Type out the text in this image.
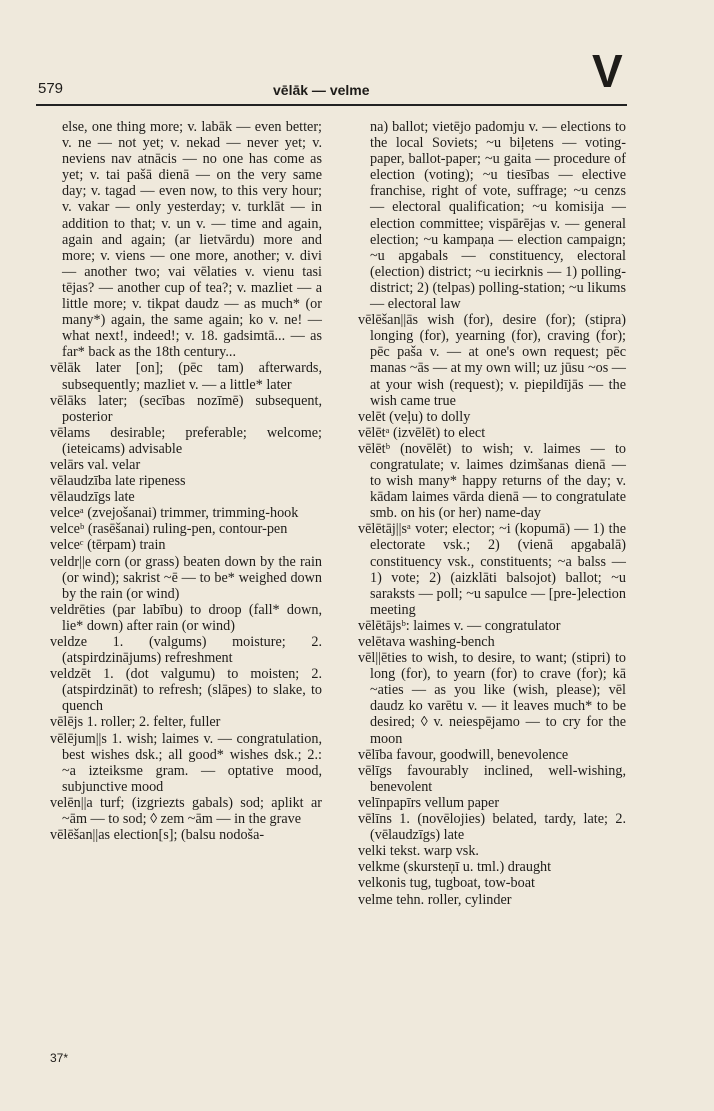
579	vēlāk — velme	V

else, one thing more; v. labāk — even better; v. ne — not yet; v. nekad — never yet; v. neviens nav atnācis — no one has come as yet; v. tai pašā dienā — on the very same day; v. tagad — even now, to this very hour; v. vakar — only yesterday; v. turklāt — in addition to that; v. un v. — time and again, again and again; (ar lietvārdu) more and more; v. viens — one more, another; v. divi — another two; vai vēlaties v. vienu tasi tējas? — another cup of tea?; v. mazliet — a little more; v. tikpat daudz — as much* (or many*) again, the same again; ko v. ne! — what next!, indeed!; v. 18. gadsimtā... — as far* back as the 18th century...

vēlāk later [on]; (pēc tam) afterwards, subsequently; mazliet v. — a little* later

vēlāks later; (secības nozīmē) subsequent, posterior

vēlams desirable; preferable; welcome; (ieteicams) advisable

velārs val. velar

vēlaudzība late ripeness

vēlaudzīgs late

velceᵃ (zvejošanai) trimmer, trimming-hook

velceᵇ (rasēšanai) ruling-pen, contour-pen

velceᶜ (tērpam) train

veldr||e corn (or grass) beaten down by the rain (or wind); sakrist ~ē — to be* weighed down by the rain (or wind)

veldrēties (par labību) to droop (fall* down, lie* down) after rain (or wind)

veldze 1. (valgums) moisture; 2. (atspirdzinājums) refreshment

veldzēt 1. (dot valgumu) to moisten; 2. (atspirdzināt) to refresh; (slāpes) to slake, to quench

vēlējs 1. roller; 2. felter, fuller

vēlējum||s 1. wish; laimes v. — congratulation, best wishes dsk.; all good* wishes dsk.; 2.: ~a izteiksme gram. — optative mood, subjunctive mood

velēn||a turf; (izgriezts gabals) sod; aplikt ar ~ām — to sod; ◊ zem ~ām — in the grave

vēlēšan||as election[s]; (balsu nodoša-

na) ballot; vietējo padomju v. — elections to the local Soviets; ~u biļetens — voting-paper, ballot-paper; ~u gaita — procedure of election (voting); ~u tiesības — elective franchise, right of vote, suffrage; ~u cenzs — electoral qualification; ~u komisija — election committee; vispārējas v. — general election; ~u kampaņa — election campaign; ~u apgabals — constituency, electoral (election) district; ~u iecirknis — 1) polling-district; 2) (telpas) polling-station; ~u likums — electoral law

vēlēšan||ās wish (for), desire (for); (stipra) longing (for), yearning (for), craving (for); pēc paša v. — at one's own request; pēc manas ~ās — at my own will; uz jūsu ~os — at your wish (request); v. piepildījās — the wish came true

velēt (veļu) to dolly

vēlētᵃ (izvēlēt) to elect

vēlētᵇ (novēlēt) to wish; v. laimes — to congratulate; v. laimes dzimšanas dienā — to wish many* happy returns of the day; v. kādam laimes vārda dienā — to congratulate smb. on his (or her) name-day

vēlētāj||sᵃ voter; elector; ~i (kopumā) — 1) the electorate vsk.; 2) (vienā apgabalā) constituency vsk., constituents; ~a balss — 1) vote; 2) (aizklāti balsojot) ballot; ~u saraksts — poll; ~u sapulce — [pre-]election meeting

vēlētājsᵇ: laimes v. — congratulator

velētava washing-bench

vēl||ēties to wish, to desire, to want; (stipri) to long (for), to yearn (for) to crave (for); kā ~aties — as you like (wish, please); vēl daudz ko varētu v. — it leaves much* to be desired; ◊ v. neiespējamo — to cry for the moon

vēlība favour, goodwill, benevolence

vēlīgs favourably inclined, well-wishing, benevolent

velīnpapīrs vellum paper

vēlīns 1. (novēlojies) belated, tardy, late; 2. (vēlaudzīgs) late

velki tekst. warp vsk.

velkme (skursteņī u. tml.) draught

velkonis tug, tugboat, tow-boat

velme tehn. roller, cylinder

37*
